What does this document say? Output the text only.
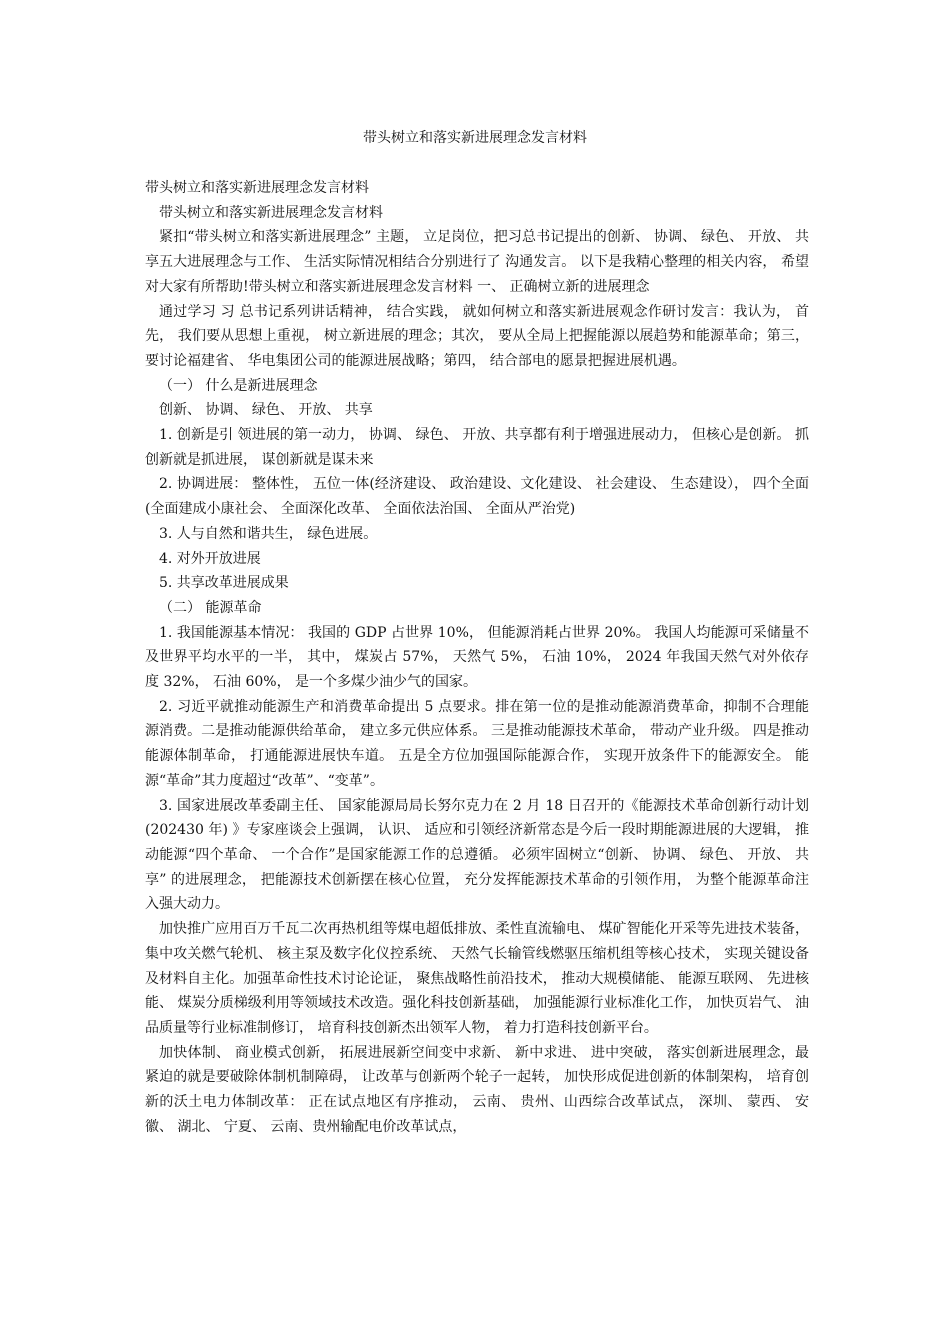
带头树立和落实新进展理念发言材料

带头树立和落实新进展理念发言材料

带头树立和落实新进展理念发言材料

紧扣“带头树立和落实新进展理念” 主题， 立足岗位，把习总书记提出的创新、 协调、 绿色、 开放、 共享五大进展理念与工作、 生活实际情况相结合分别进行了 沟通发言。 以下是我精心整理的相关内容， 希望对大家有所帮助!带头树立和落实新进展理念发言材料 一、 正确树立新的进展理念

通过学习 习 总书记系列讲话精神， 结合实践， 就如何树立和落实新进展观念作研讨发言：我认为， 首先， 我们要从思想上重视， 树立新进展的理念；其次， 要从全局上把握能源以展趋势和能源革命；第三，要讨论福建省、 华电集团公司的能源进展战略；第四， 结合部电的愿景把握进展机遇。

（一） 什么是新进展理念

创新、 协调、 绿色、 开放、 共享

1. 创新是引 领进展的第一动力， 协调、 绿色、 开放、共享都有利于增强进展动力， 但核心是创新。 抓创新就是抓进展， 谋创新就是谋未来

2. 协调进展： 整体性， 五位一体(经济建设、 政治建设、文化建设、 社会建设、 生态建设）， 四个全面(全面建成小康社会、 全面深化改革、 全面依法治国、 全面从严治党)

3. 人与自然和谐共生， 绿色进展。

4. 对外开放进展

5. 共享改革进展成果

（二） 能源革命

1. 我国能源基本情况： 我国的 GDP 占世界 10%， 但能源消耗占世界 20%。 我国人均能源可采储量不及世界平均水平的一半， 其中， 煤炭占 57%， 天然气 5%， 石油 10%， 2024 年我国天然气对外依存度 32%， 石油 60%， 是一个多煤少油少气的国家。

2. 习近平就推动能源生产和消费革命提出 5 点要求。排在第一位的是推动能源消费革命，抑制不合理能源消费。二是推动能源供给革命， 建立多元供应体系。 三是推动能源技术革命， 带动产业升级。 四是推动能源体制革命， 打通能源进展快车道。 五是全方位加强国际能源合作， 实现开放条件下的能源安全。 能源“革命”其力度超过“改革”、“变革”。

3. 国家进展改革委副主任、 国家能源局局长努尔克力在 2 月 18 日召开的《能源技术革命创新行动计划(202430 年) 》专家座谈会上强调， 认识、 适应和引领经济新常态是今后一段时期能源进展的大逻辑， 推动能源“四个革命、 一个合作”是国家能源工作的总遵循。 必须牢固树立“创新、 协调、 绿色、 开放、 共享” 的进展理念， 把能源技术创新摆在核心位置， 充分发挥能源技术革命的引领作用， 为整个能源革命注入强大动力。

加快推广应用百万千瓦二次再热机组等煤电超低排放、柔性直流输电、 煤矿智能化开采等先进技术装备， 集中攻关燃气轮机、 核主泵及数字化仪控系统、 天然气长输管线燃驱压缩机组等核心技术， 实现关键设备及材料自主化。加强革命性技术讨论论证， 聚焦战略性前沿技术， 推动大规模储能、 能源互联网、 先进核能、 煤炭分质梯级利用等领域技术改造。强化科技创新基础， 加强能源行业标准化工作， 加快页岩气、 油品质量等行业标准制修订， 培育科技创新杰出领军人物， 着力打造科技创新平台。

加快体制、 商业模式创新， 拓展进展新空间变中求新、 新中求进、 进中突破， 落实创新进展理念，最紧迫的就是要破除体制机制障碍， 让改革与创新两个轮子一起转， 加快形成促进创新的体制架构， 培育创新的沃土电力体制改革： 正在试点地区有序推动， 云南、 贵州、山西综合改革试点， 深圳、 蒙西、 安徽、 湖北、 宁夏、 云南、贵州输配电价改革试点，
